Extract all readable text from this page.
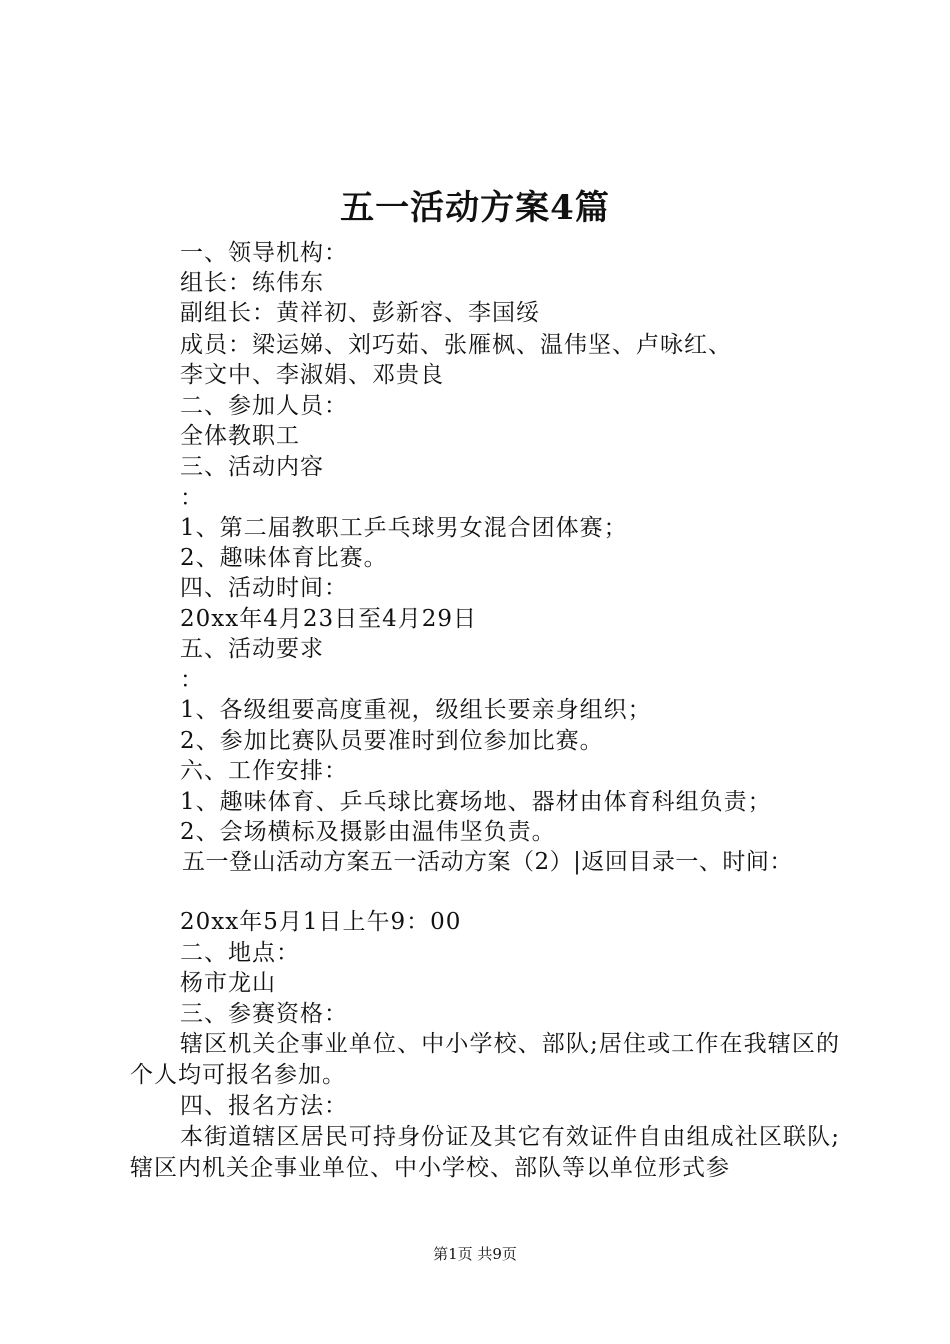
五一活动方案4篇
一、领导机构：
组长：练伟东
副组长：黄祥初、彭新容、李国绥
成员：梁运娣、刘巧茹、张雁枫、温伟坚、卢咏红、
李文中、李淑娟、邓贵良
二、参加人员：
全体教职工
三、活动内容
：
1、第二届教职工乒乓球男女混合团体赛；
2、趣味体育比赛。
四、活动时间：
20xx年4月23日至4月29日
五、活动要求
：
1、各级组要高度重视，级组长要亲身组织；
2、参加比赛队员要准时到位参加比赛。
六、工作安排：
1、趣味体育、乒乓球比赛场地、器材由体育科组负责；
2、会场横标及摄影由温伟坚负责。
五一登山活动方案五一活动方案（2）|返回目录一、时间：
20xx年5月1日上午9：00
二、地点：
杨市龙山
三、参赛资格：
辖区机关企事业单位、中小学校、部队;居住或工作在我辖区的个人均可报名参加。
四、报名方法：
本街道辖区居民可持身份证及其它有效证件自由组成社区联队;辖区内机关企事业单位、中小学校、部队等以单位形式参
第1页 共9页
